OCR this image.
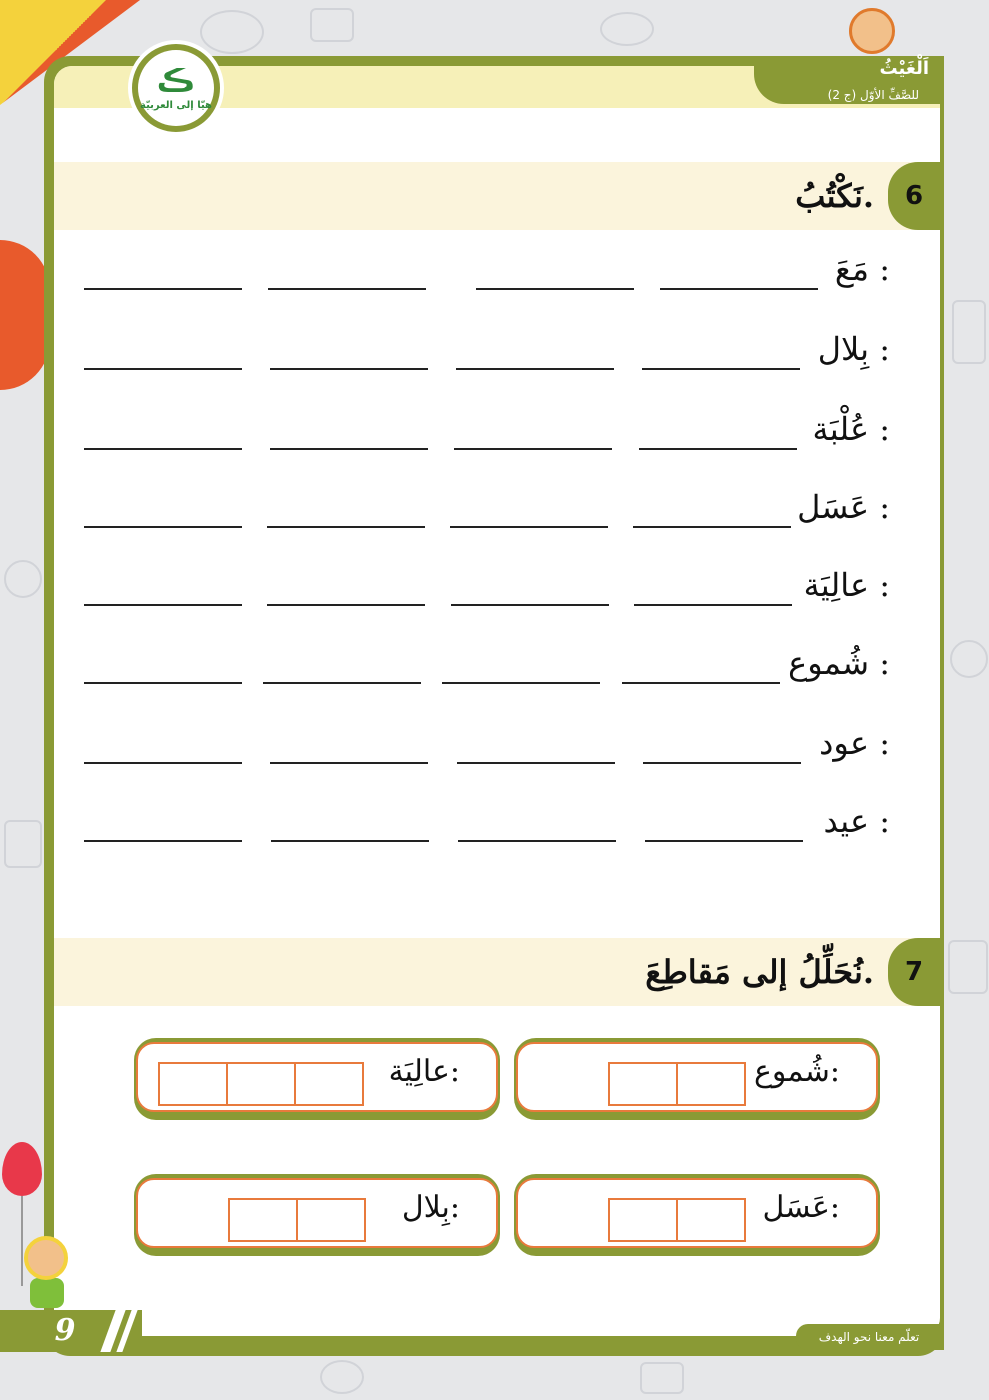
اَلْغَيْثُ
للصَّفِّ الأوّل (ج 2)
ڪ
هيّا إلى العربيّة
6
نَكْتُبُ.
مَعَ :
بِلال :
عُلْبَة :
عَسَل :
عالِيَة :
شُموع :
عود :
عيد :
7
نُحَلِّلُ إلى مَقاطِعَ.
شُموع:
عالِيَة:
عَسَل:
بِلال:
9	تعلّم معنا نحو الهدف
